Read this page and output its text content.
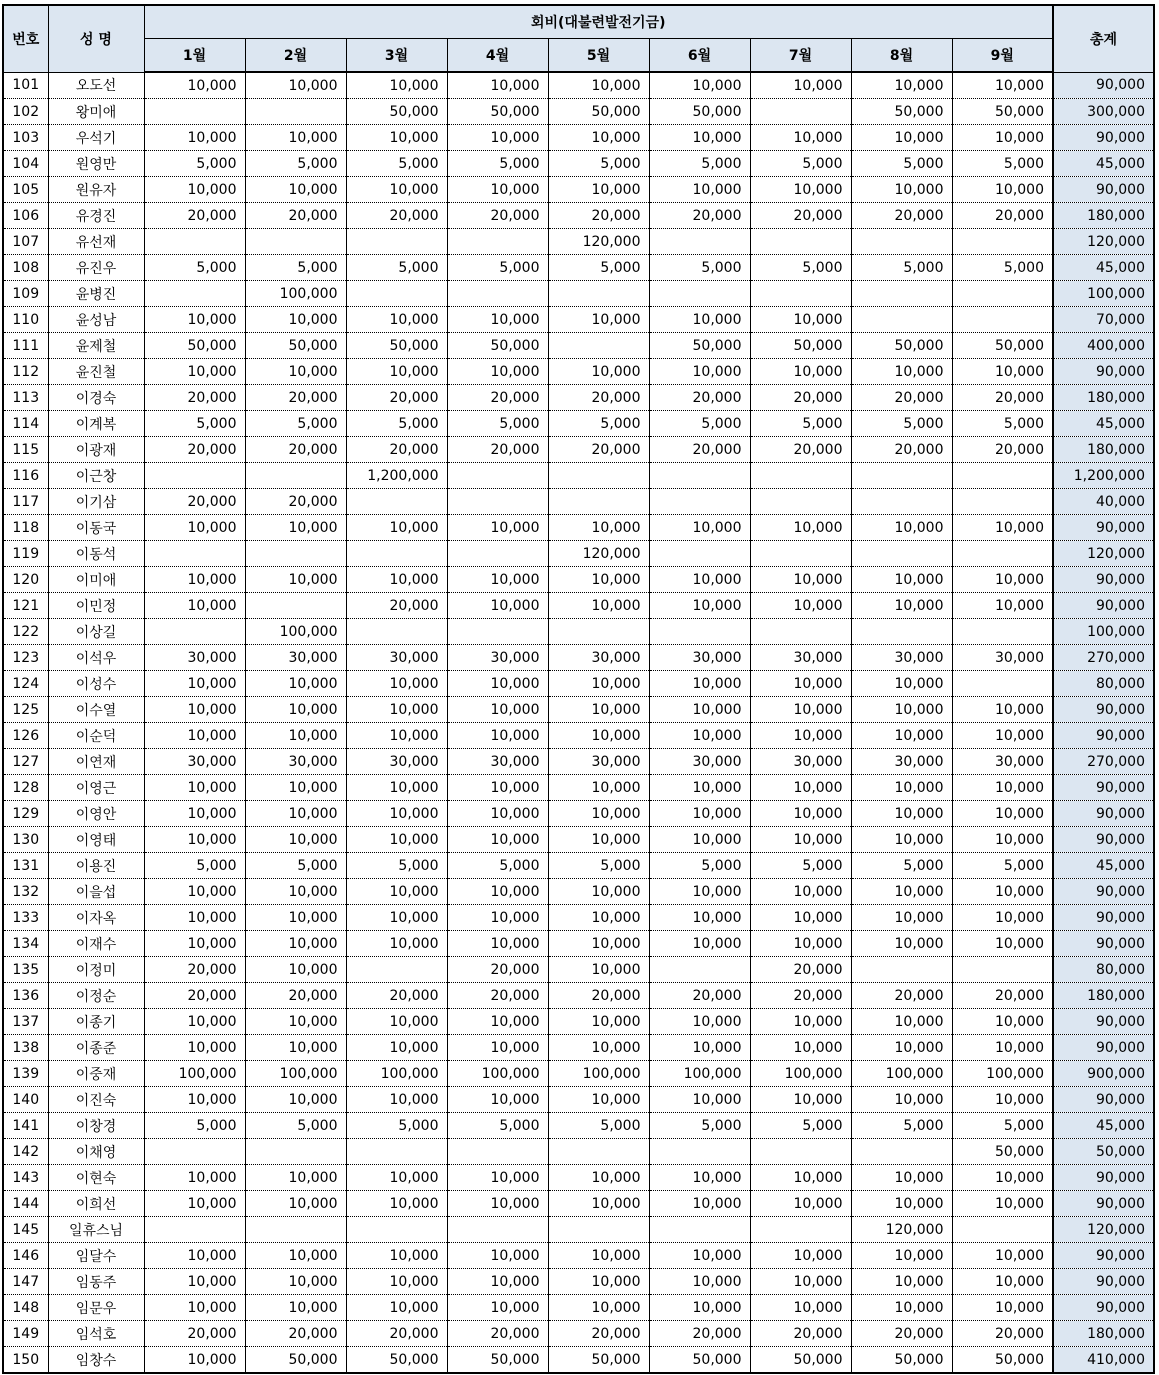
번호	성 명	회비(대불련발전기금)									총계
		1월	2월	3월	4월	5월	6월	7월	8월	9월	
101	오도선	10,000	10,000	10,000	10,000	10,000	10,000	10,000	10,000	10,000	90,000
102	왕미애			50,000	50,000	50,000	50,000		50,000	50,000	300,000
103	우석기	10,000	10,000	10,000	10,000	10,000	10,000	10,000	10,000	10,000	90,000
104	원영만	5,000	5,000	5,000	5,000	5,000	5,000	5,000	5,000	5,000	45,000
105	원유자	10,000	10,000	10,000	10,000	10,000	10,000	10,000	10,000	10,000	90,000
106	유경진	20,000	20,000	20,000	20,000	20,000	20,000	20,000	20,000	20,000	180,000
107	유선재					120,000					120,000
108	유진우	5,000	5,000	5,000	5,000	5,000	5,000	5,000	5,000	5,000	45,000
109	윤병진		100,000								100,000
110	윤성남	10,000	10,000	10,000	10,000	10,000	10,000	10,000			70,000
111	윤제철	50,000	50,000	50,000	50,000		50,000	50,000	50,000	50,000	400,000
112	윤진철	10,000	10,000	10,000	10,000	10,000	10,000	10,000	10,000	10,000	90,000
113	이경숙	20,000	20,000	20,000	20,000	20,000	20,000	20,000	20,000	20,000	180,000
114	이계복	5,000	5,000	5,000	5,000	5,000	5,000	5,000	5,000	5,000	45,000
115	이광재	20,000	20,000	20,000	20,000	20,000	20,000	20,000	20,000	20,000	180,000
116	이근창			1,200,000							1,200,000
117	이기삼	20,000	20,000								40,000
118	이동국	10,000	10,000	10,000	10,000	10,000	10,000	10,000	10,000	10,000	90,000
119	이동석					120,000					120,000
120	이미애	10,000	10,000	10,000	10,000	10,000	10,000	10,000	10,000	10,000	90,000
121	이민정	10,000		20,000	10,000	10,000	10,000	10,000	10,000	10,000	90,000
122	이상길		100,000								100,000
123	이석우	30,000	30,000	30,000	30,000	30,000	30,000	30,000	30,000	30,000	270,000
124	이성수	10,000	10,000	10,000	10,000	10,000	10,000	10,000	10,000		80,000
125	이수열	10,000	10,000	10,000	10,000	10,000	10,000	10,000	10,000	10,000	90,000
126	이순덕	10,000	10,000	10,000	10,000	10,000	10,000	10,000	10,000	10,000	90,000
127	이연재	30,000	30,000	30,000	30,000	30,000	30,000	30,000	30,000	30,000	270,000
128	이영근	10,000	10,000	10,000	10,000	10,000	10,000	10,000	10,000	10,000	90,000
129	이영안	10,000	10,000	10,000	10,000	10,000	10,000	10,000	10,000	10,000	90,000
130	이영태	10,000	10,000	10,000	10,000	10,000	10,000	10,000	10,000	10,000	90,000
131	이용진	5,000	5,000	5,000	5,000	5,000	5,000	5,000	5,000	5,000	45,000
132	이을섭	10,000	10,000	10,000	10,000	10,000	10,000	10,000	10,000	10,000	90,000
133	이자옥	10,000	10,000	10,000	10,000	10,000	10,000	10,000	10,000	10,000	90,000
134	이재수	10,000	10,000	10,000	10,000	10,000	10,000	10,000	10,000	10,000	90,000
135	이정미	20,000	10,000		20,000	10,000		20,000			80,000
136	이정순	20,000	20,000	20,000	20,000	20,000	20,000	20,000	20,000	20,000	180,000
137	이종기	10,000	10,000	10,000	10,000	10,000	10,000	10,000	10,000	10,000	90,000
138	이종준	10,000	10,000	10,000	10,000	10,000	10,000	10,000	10,000	10,000	90,000
139	이중재	100,000	100,000	100,000	100,000	100,000	100,000	100,000	100,000	100,000	900,000
140	이진숙	10,000	10,000	10,000	10,000	10,000	10,000	10,000	10,000	10,000	90,000
141	이창경	5,000	5,000	5,000	5,000	5,000	5,000	5,000	5,000	5,000	45,000
142	이채영									50,000	50,000
143	이현숙	10,000	10,000	10,000	10,000	10,000	10,000	10,000	10,000	10,000	90,000
144	이희선	10,000	10,000	10,000	10,000	10,000	10,000	10,000	10,000	10,000	90,000
145	일휴스님								120,000		120,000
146	임달수	10,000	10,000	10,000	10,000	10,000	10,000	10,000	10,000	10,000	90,000
147	임동주	10,000	10,000	10,000	10,000	10,000	10,000	10,000	10,000	10,000	90,000
148	임문우	10,000	10,000	10,000	10,000	10,000	10,000	10,000	10,000	10,000	90,000
149	임석호	20,000	20,000	20,000	20,000	20,000	20,000	20,000	20,000	20,000	180,000
150	임창수	10,000	50,000	50,000	50,000	50,000	50,000	50,000	50,000	50,000	410,000
